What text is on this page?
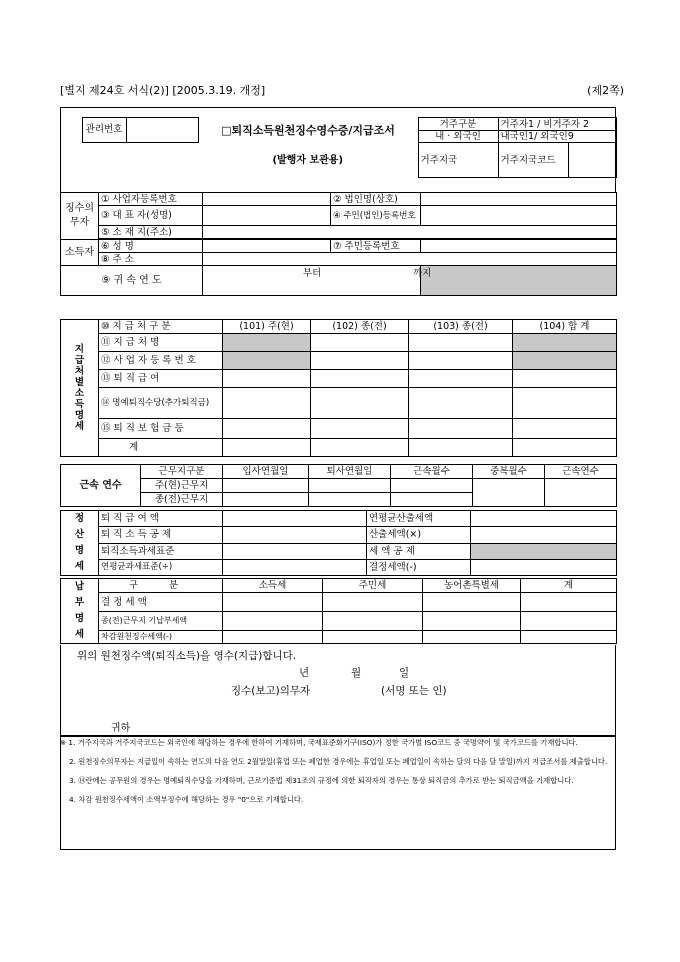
[별지 제24호 서식(2)] [2005.3.19. 개정]	(제2쪽)
	관리번호		□퇴직소득원천징수영수증/지급조서	거주구분	거주자1 / 비거주자 2	
				내 · 외국인	내국인1/ 외국인9	
			(발행자 보관용)	거주지국	거주지국코드	
징수의무자	① 사업자등록번호		② 법인명(상호)	
	③ 대 표 자(성명)		④ 주민(법인)등록번호	
	⑤ 소 재 지(주소)			

소득자	⑥ 성 명		⑦ 주민등록번호	
	⑧ 주 소			
⑨ 귀 속 연 도		부터 까지		

지급처별소득명세	⑩ 지 급 처 구 분	(101) 주(현)	(102) 종(전)	(103) 종(전)	(104) 합 계
	⑪ 지 급 처 명				
	⑫ 사 업 자 등 록 번 호				
	⑬ 퇴 직 급 여				
	⑭ 명예퇴직수당(추가퇴직금)				
	⑮ 퇴 직 보 험 금 등				
	계				
근속 연수	근무지구분	입사연월일	퇴사연월일	근속월수	중복월수	근속연수
	주(현)근무지					
	종(전)근무지					
정산명세	퇴 직 급 여 액		연평균산출세액	
	퇴 직 소 득 공 제		산출세액(×)	
	퇴직소득과세표준		세 액 공 제	
	연평균과세표준(÷)		결정세액(-)	
납부명세	구 분	소득세	주민세	농어촌특별세	계
	결 정 세 액				
	종(전)근무지 기납부세액				
	차감원천징수세액(-)				
위의 원천징수액(퇴직소득)을 영수(지급)합니다.
년	월	일
징수(보고)의무자	(서명 또는 인)
귀하
※ 1. 거주지국과 거주지국코드는 외국인에 해당하는 경우에 한하여 기재하며, 국제표준화기구(ISO)가 정한 국가별 ISO코드 중 국명약어 및 국가코드를 기재합니다.
2. 원천징수의무자는 지급일이 속하는 연도의 다음 연도 2월말일(휴업 또는 폐업한 경우에는 휴업일 또는 폐업일이 속하는 달의 다음 달 말일)까지 지급조서를 제출합니다.
3. ⑭란에는 공무원의 경우는 명예퇴직수당을 기재하며, 근로기준법 제31조의 규정에 의한 퇴직자의 경우는 통상 퇴직금의 추가로 받는 퇴직금액을 기재합니다.
4. 차감 원천징수세액이 소액부징수에 해당하는 경우 "0"으로 기재합니다.
